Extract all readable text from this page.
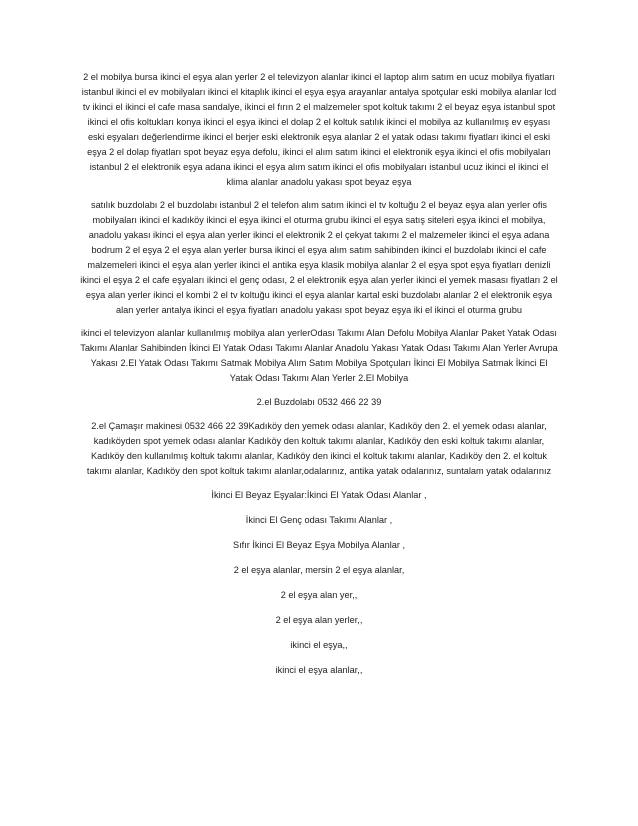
2 el mobilya bursa ikinci el eşya alan yerler 2 el televizyon alanlar ikinci el laptop alım satım en ucuz mobilya fiyatları istanbul ikinci el ev mobilyaları ikinci el kitaplık ikinci el eşya eşya arayanlar antalya spotçular eski mobilya alanlar lcd tv ikinci el ikinci el cafe masa sandalye, ikinci el fırın 2 el malzemeler spot koltuk takımı 2 el beyaz eşya istanbul spot ikinci el ofis koltukları konya ikinci el eşya ikinci el dolap 2 el koltuk satılık ikinci el mobilya az kullanılmış ev eşyası eski eşyaları değerlendirme ikinci el berjer eski elektronik eşya alanlar 2 el yatak odası takımı fiyatları ikinci el eski eşya 2 el dolap fiyatları spot beyaz eşya defolu, ikinci el alım satım ikinci el elektronik eşya ikinci el ofis mobilyaları istanbul 2 el elektronik eşya adana ikinci el eşya alım satım ikinci el ofis mobilyaları istanbul ucuz ikinci el ikinci el klima alanlar anadolu yakası spot beyaz eşya

satılık buzdolabı 2 el buzdolabı istanbul 2 el telefon alım satım ikinci el tv koltuğu 2 el beyaz eşya alan yerler ofis mobilyaları ikinci el kadıköy ikinci el eşya ikinci el oturma grubu ikinci el eşya satış siteleri eşya ikinci el mobilya, anadolu yakası ikinci el eşya alan yerler ikinci el elektronik 2 el çekyat takımı 2 el malzemeler ikinci el eşya adana bodrum 2 el eşya 2 el eşya alan yerler bursa ikinci el eşya alım satım sahibinden ikinci el buzdolabı ikinci el cafe malzemeleri ikinci el eşya alan yerler ikinci el antika eşya klasik mobilya alanlar 2 el eşya spot eşya fiyatları denizli ikinci el eşya 2 el cafe eşyaları ikinci el genç odası, 2 el elektronik eşya alan yerler ikinci el yemek masası fiyatları 2 el eşya alan yerler ikinci el kombi 2 el tv koltuğu ikinci el eşya alanlar kartal eski buzdolabı alanlar 2 el elektronik eşya alan yerler antalya ikinci el eşya fiyatları anadolu yakası spot beyaz eşya iki el ikinci el oturma grubu

ikinci el televizyon alanlar kullanılmış mobilya alan yerlerOdası Takımı Alan Defolu Mobilya Alanlar Paket Yatak Odası Takımı Alanlar Sahibinden İkinci El Yatak Odası Takımı Alanlar Anadolu Yakası Yatak Odası Takımı Alan Yerler Avrupa Yakası 2.El Yatak Odası Takımı Satmak Mobilya Alım Satım Mobilya Spotçuları İkinci El Mobilya Satmak İkinci El Yatak Odası Takımı Alan Yerler 2.El Mobilya

2.el Buzdolabı 0532 466 22 39

2.el Çamaşır makinesi 0532 466 22 39Kadıköy den yemek odası alanlar, Kadıköy den 2. el yemek odası alanlar, kadıköyden spot yemek odası alanlar Kadıköy den koltuk takımı alanlar, Kadıköy den eski koltuk takımı alanlar, Kadıköy den kullanılmış koltuk takımı alanlar, Kadıköy den ikinci el koltuk takımı alanlar, Kadıköy den 2. el koltuk takımı alanlar, Kadıköy den spot koltuk takımı alanlar,odalarınız, antika yatak odalarınız, suntalam yatak odalarınız

İkinci El Beyaz Eşyalar:İkinci El Yatak Odası Alanlar ,

İkinci El Genç odası Takımı Alanlar ,

Sıfır İkinci El Beyaz Eşya Mobilya Alanlar ,

2 el eşya alanlar, mersin 2 el eşya alanlar,

2 el eşya alan yer,,

2 el eşya alan yerler,,

ikinci el eşya,,

ikinci el eşya alanlar,,
